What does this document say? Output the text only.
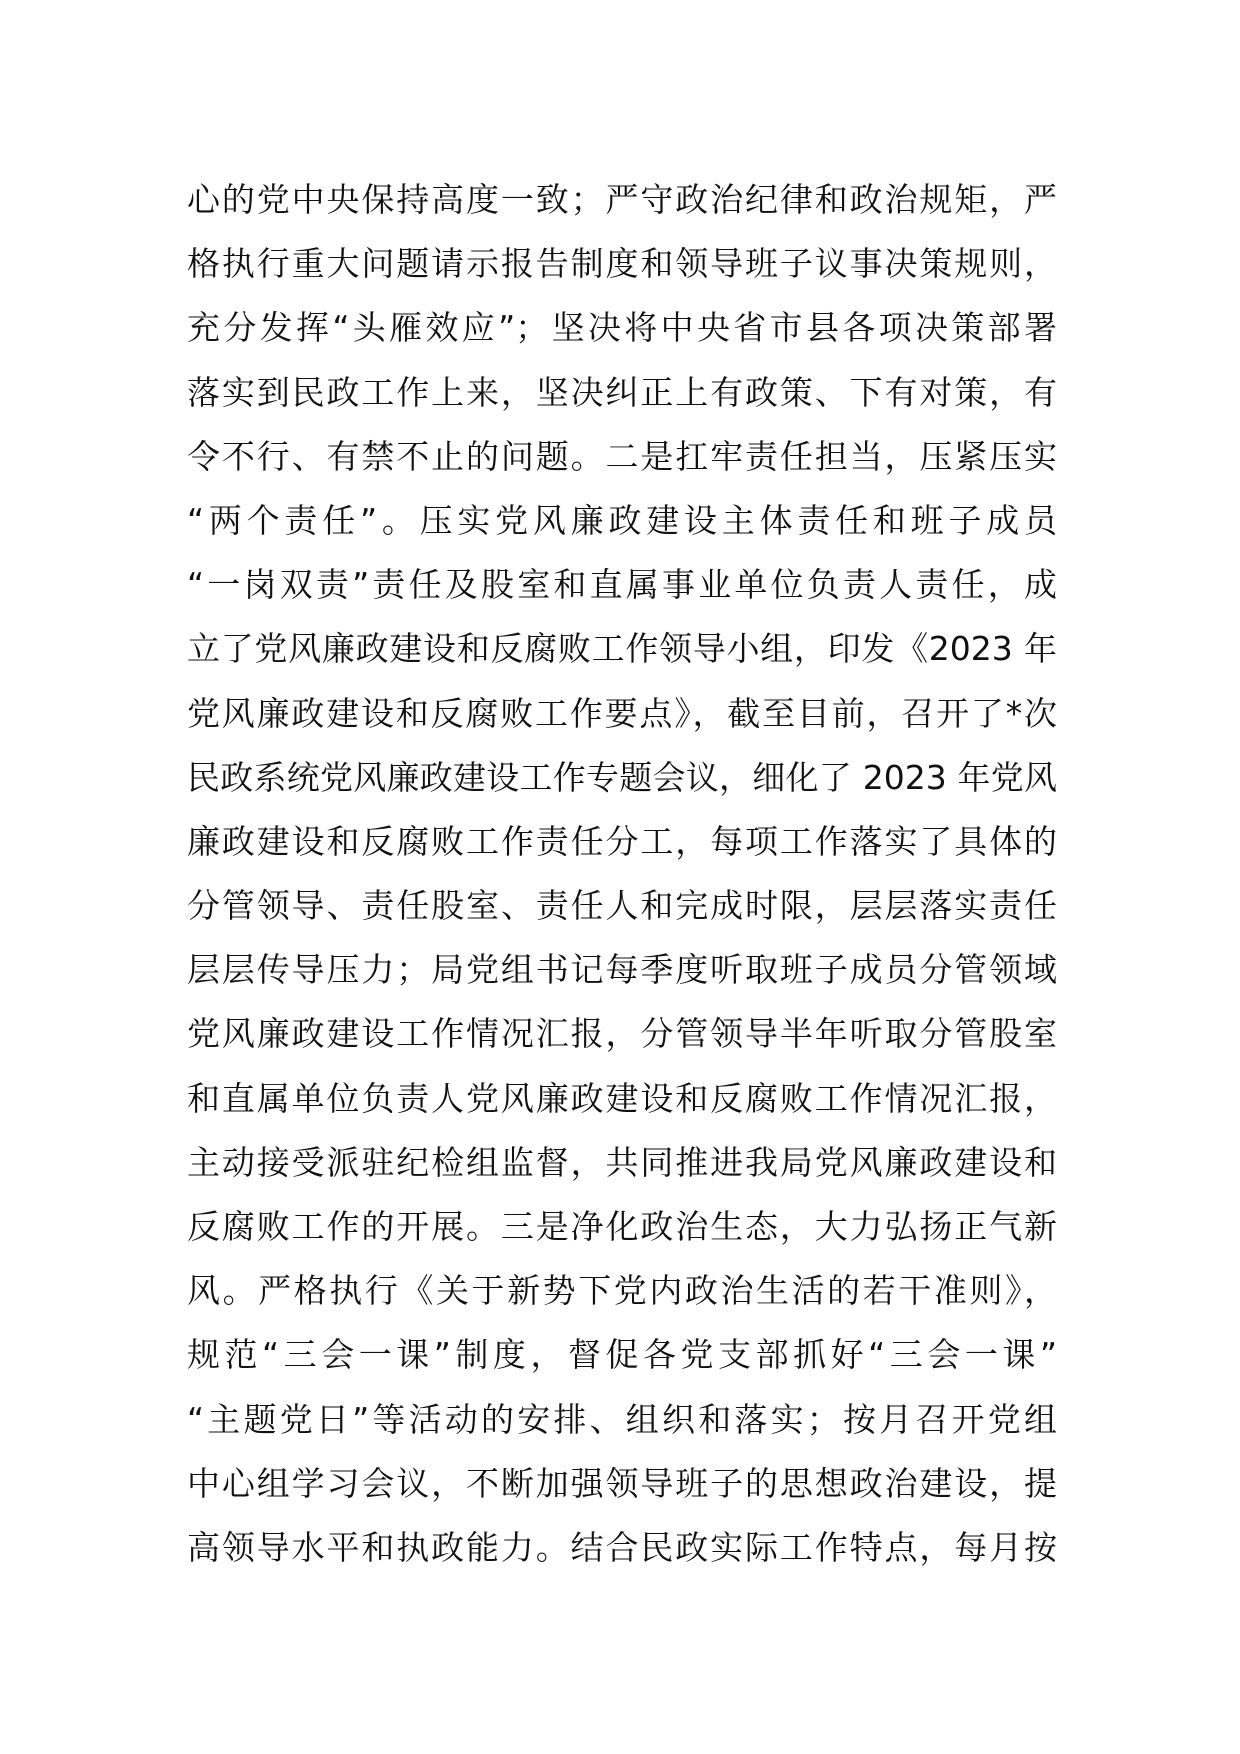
心的党中央保持高度一致；严守政治纪律和政治规矩，严
格执行重大问题请示报告制度和领导班子议事决策规则，
充分发挥“头雁效应”；坚决将中央省市县各项决策部署
落实到民政工作上来，坚决纠正上有政策、下有对策，有
令不行、有禁不止的问题。二是扛牢责任担当，压紧压实
“两个责任”。压实党风廉政建设主体责任和班子成员
“一岗双责”责任及股室和直属事业单位负责人责任，成
立了党风廉政建设和反腐败工作领导小组，印发《2023 年
党风廉政建设和反腐败工作要点》，截至目前，召开了*次
民政系统党风廉政建设工作专题会议，细化了 2023 年党风
廉政建设和反腐败工作责任分工，每项工作落实了具体的
分管领导、责任股室、责任人和完成时限，层层落实责任
层层传导压力；局党组书记每季度听取班子成员分管领域
党风廉政建设工作情况汇报，分管领导半年听取分管股室
和直属单位负责人党风廉政建设和反腐败工作情况汇报，
主动接受派驻纪检组监督，共同推进我局党风廉政建设和
反腐败工作的开展。三是净化政治生态，大力弘扬正气新
风。严格执行《关于新势下党内政治生活的若干准则》，
规范“三会一课”制度，督促各党支部抓好“三会一课”
“主题党日”等活动的安排、组织和落实；按月召开党组
中心组学习会议，不断加强领导班子的思想政治建设，提
高领导水平和执政能力。结合民政实际工作特点，每月按
